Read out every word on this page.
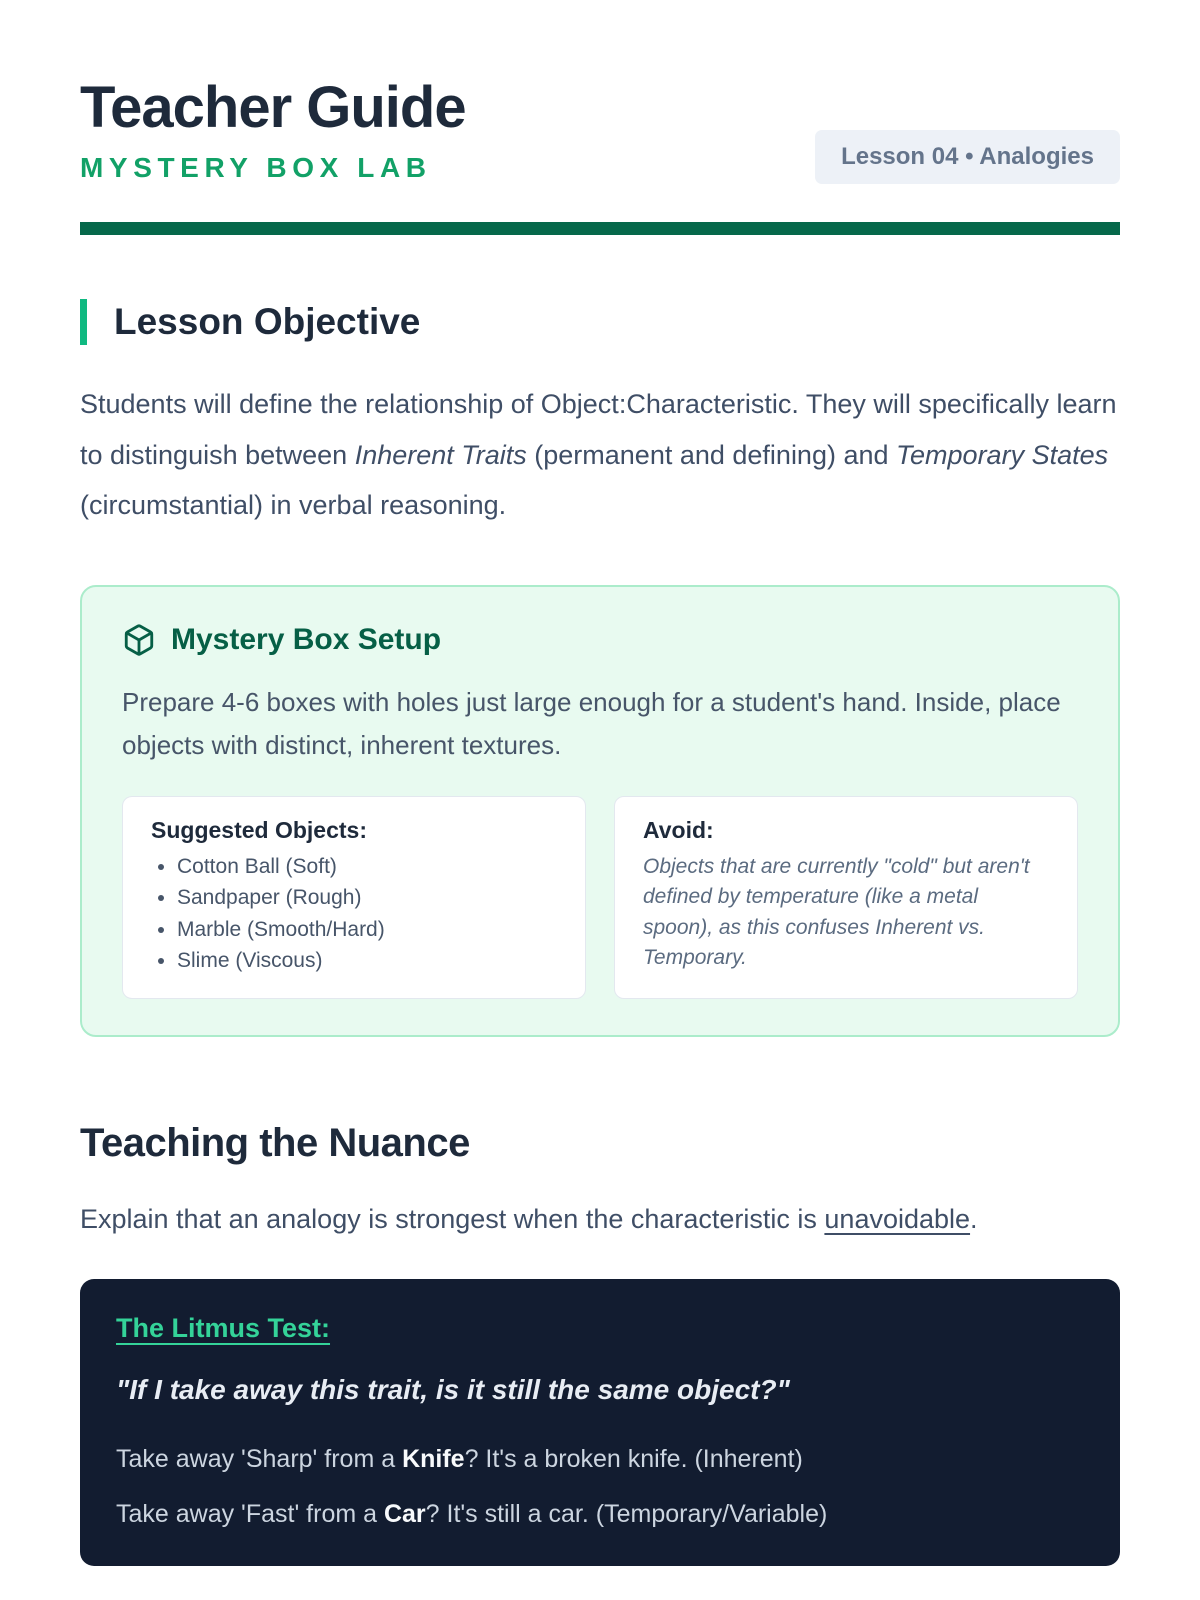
Teacher Guide
MYSTERY BOX LAB	Lesson 04 • Analogies
Lesson Objective

Students will define the relationship of Object:Characteristic. They will specifically learn to distinguish between Inherent Traits (permanent and defining) and Temporary States (circumstantial) in verbal reasoning.

Mystery Box Setup

Prepare 4-6 boxes with holes just large enough for a student's hand. Inside, place objects with distinct, inherent textures.

Suggested Objects:
• Cotton Ball (Soft)
• Sandpaper (Rough)
• Marble (Smooth/Hard)
• Slime (Viscous)
Avoid:
Objects that are currently "cold" but aren't defined by temperature (like a metal spoon), as this confuses Inherent vs. Temporary.
Teaching the Nuance

Explain that an analogy is strongest when the characteristic is unavoidable.

The Litmus Test:
"If I take away this trait, is it still the same object?"
Take away 'Sharp' from a Knife? It's a broken knife. (Inherent)
Take away 'Fast' from a Car? It's still a car. (Temporary/Variable)
